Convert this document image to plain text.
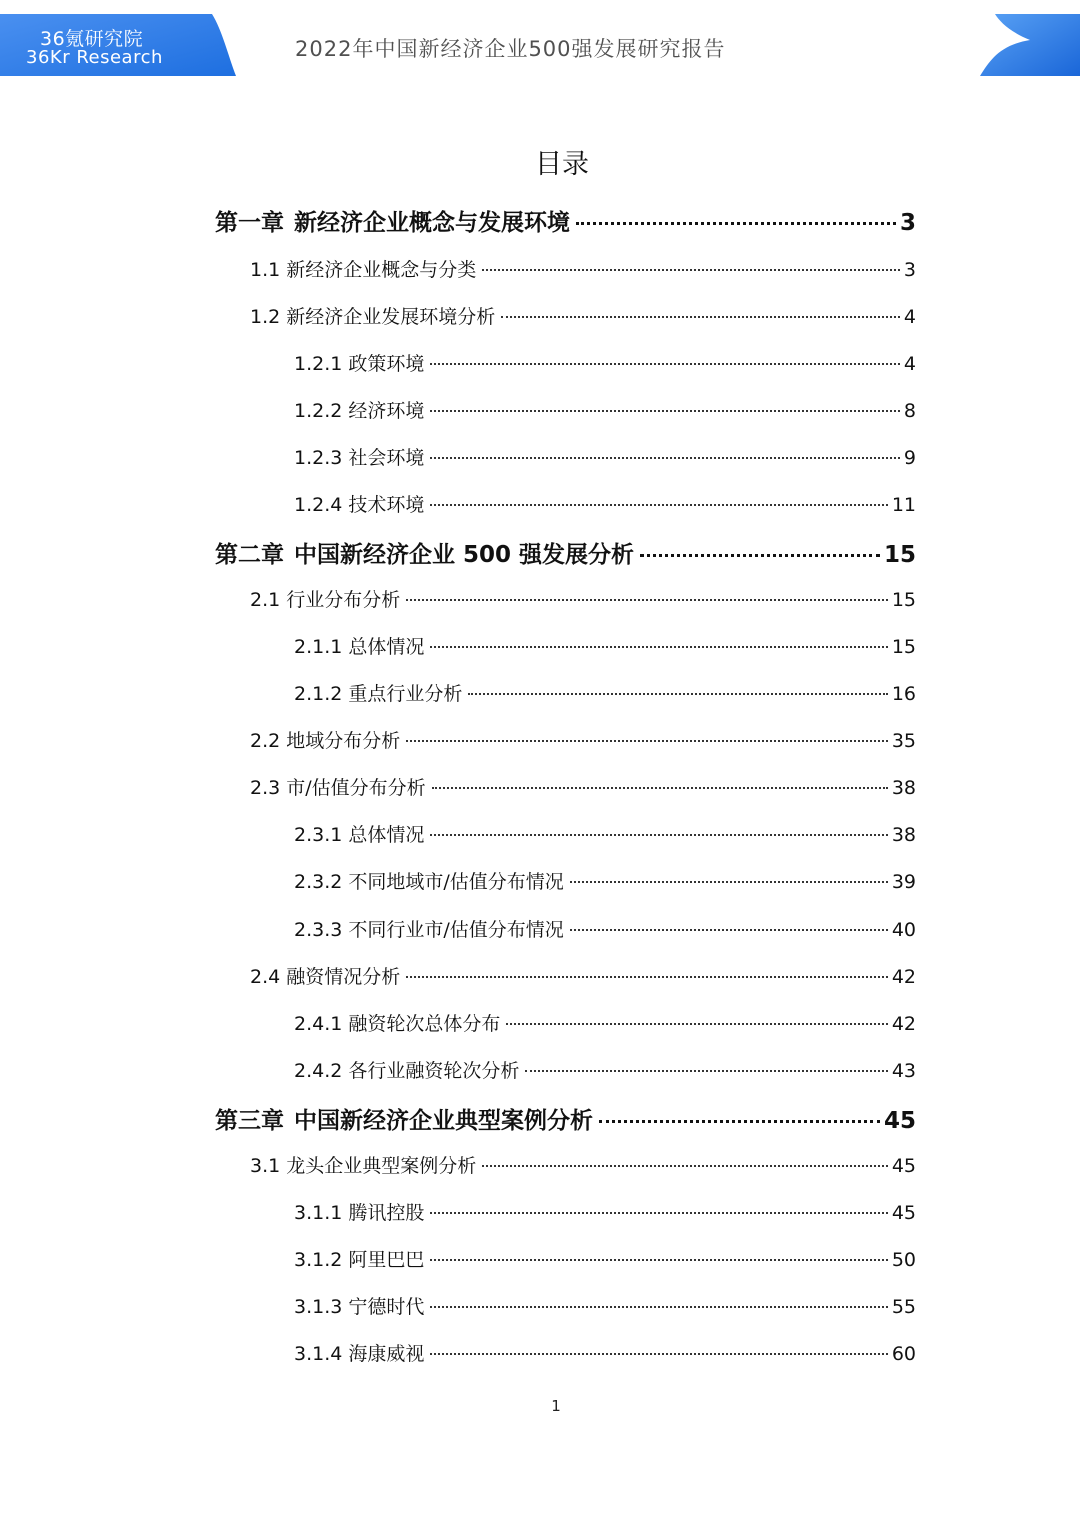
36氪研究院
36Kr Research	2022年中国新经济企业500强发展研究报告
目录
第一章 新经济企业概念与发展环境	3
1.1 新经济企业概念与分类	3
1.2 新经济企业发展环境分析	4
1.2.1 政策环境	4
1.2.2 经济环境	8
1.2.3 社会环境	9
1.2.4 技术环境	11
第二章 中国新经济企业 500 强发展分析	15
2.1 行业分布分析	15
2.1.1 总体情况	15
2.1.2 重点行业分析	16
2.2 地域分布分析	35
2.3 市/估值分布分析	38
2.3.1 总体情况	38
2.3.2 不同地域市/估值分布情况	39
2.3.3 不同行业市/估值分布情况	40
2.4 融资情况分析	42
2.4.1 融资轮次总体分布	42
2.4.2 各行业融资轮次分析	43
第三章 中国新经济企业典型案例分析	45
3.1 龙头企业典型案例分析	45
3.1.1 腾讯控股	45
3.1.2 阿里巴巴	50
3.1.3 宁德时代	55
3.1.4 海康威视	60
1
